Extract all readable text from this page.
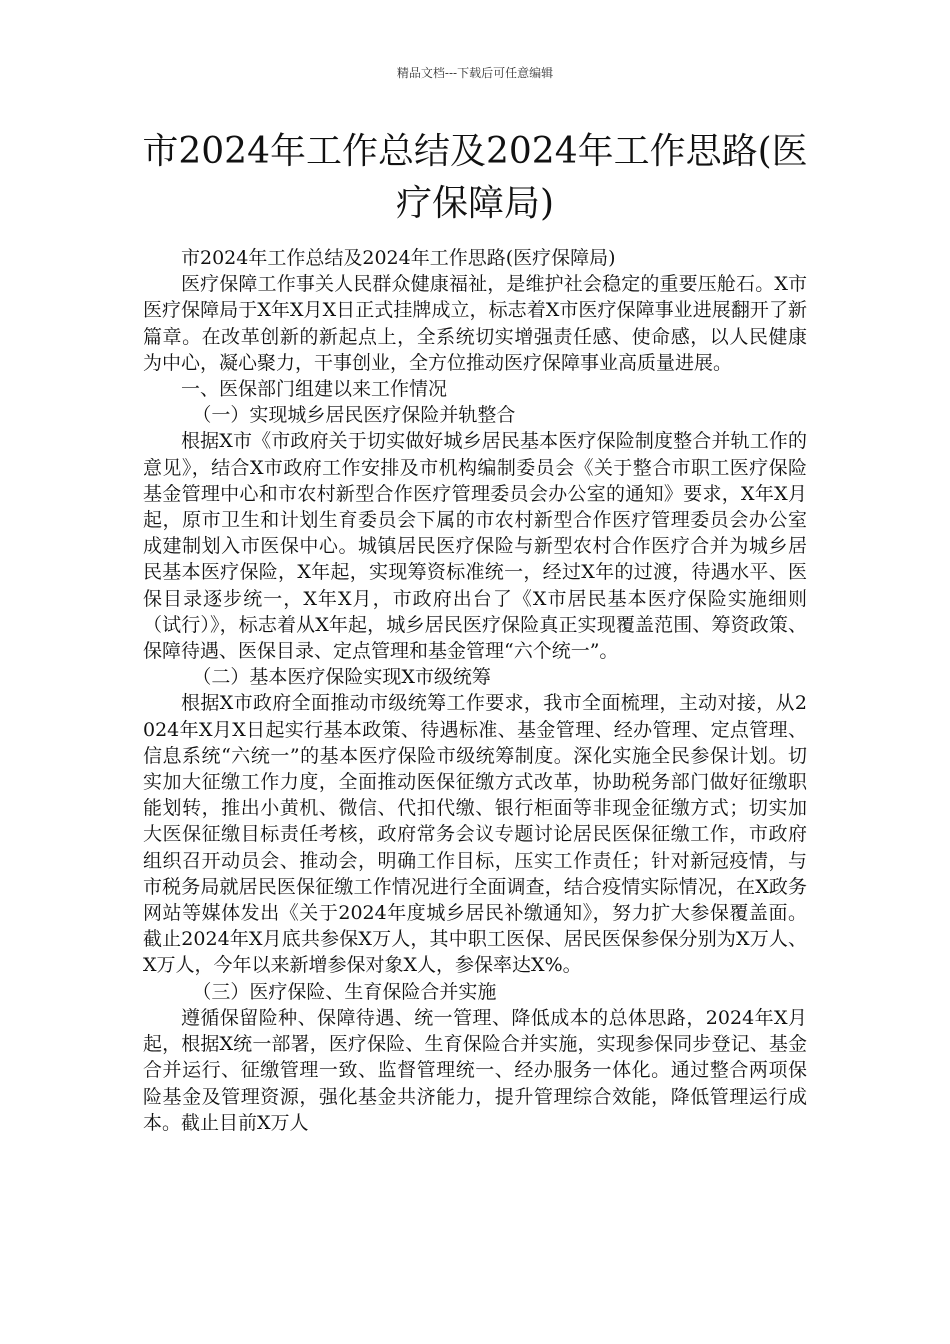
精品文档---下载后可任意编辑
市2024年工作总结及2024年工作思路(医疗保障局)

市2024年工作总结及2024年工作思路(医疗保障局)

医疗保障工作事关人民群众健康福祉，是维护社会稳定的重要压舱石。X市医疗保障局于X年X月X日正式挂牌成立，标志着X市医疗保障事业进展翻开了新篇章。在改革创新的新起点上，全系统切实增强责任感、使命感，以人民健康为中心，凝心聚力，干事创业，全方位推动医疗保障事业高质量进展。

一、医保部门组建以来工作情况

（一）实现城乡居民医疗保险并轨整合

根据X市《市政府关于切实做好城乡居民基本医疗保险制度整合并轨工作的意见》，结合X市政府工作安排及市机构编制委员会《关于整合市职工医疗保险基金管理中心和市农村新型合作医疗管理委员会办公室的通知》要求，X年X月起，原市卫生和计划生育委员会下属的市农村新型合作医疗管理委员会办公室成建制划入市医保中心。城镇居民医疗保险与新型农村合作医疗合并为城乡居民基本医疗保险，X年起，实现筹资标准统一，经过X年的过渡，待遇水平、医保目录逐步统一，X年X月，市政府出台了《X市居民基本医疗保险实施细则（试行）》，标志着从X年起，城乡居民医疗保险真正实现覆盖范围、筹资政策、保障待遇、医保目录、定点管理和基金管理“六个统一”。

（二）基本医疗保险实现X市级统筹

根据X市政府全面推动市级统筹工作要求，我市全面梳理，主动对接，从2024年X月X日起实行基本政策、待遇标准、基金管理、经办管理、定点管理、信息系统“六统一”的基本医疗保险市级统筹制度。深化实施全民参保计划。切实加大征缴工作力度，全面推动医保征缴方式改革，协助税务部门做好征缴职能划转，推出小黄机、微信、代扣代缴、银行柜面等非现金征缴方式；切实加大医保征缴目标责任考核，政府常务会议专题讨论居民医保征缴工作，市政府组织召开动员会、推动会，明确工作目标，压实工作责任；针对新冠疫情，与市税务局就居民医保征缴工作情况进行全面调查，结合疫情实际情况，在X政务网站等媒体发出《关于2024年度城乡居民补缴通知》，努力扩大参保覆盖面。截止2024年X月底共参保X万人，其中职工医保、居民医保参保分别为X万人、X万人，今年以来新增参保对象X人，参保率达X%。

（三）医疗保险、生育保险合并实施

遵循保留险种、保障待遇、统一管理、降低成本的总体思路，2024年X月起，根据X统一部署，医疗保险、生育保险合并实施，实现参保同步登记、基金合并运行、征缴管理一致、监督管理统一、经办服务一体化。通过整合两项保险基金及管理资源，强化基金共济能力，提升管理综合效能，降低管理运行成本。截止目前X万人
